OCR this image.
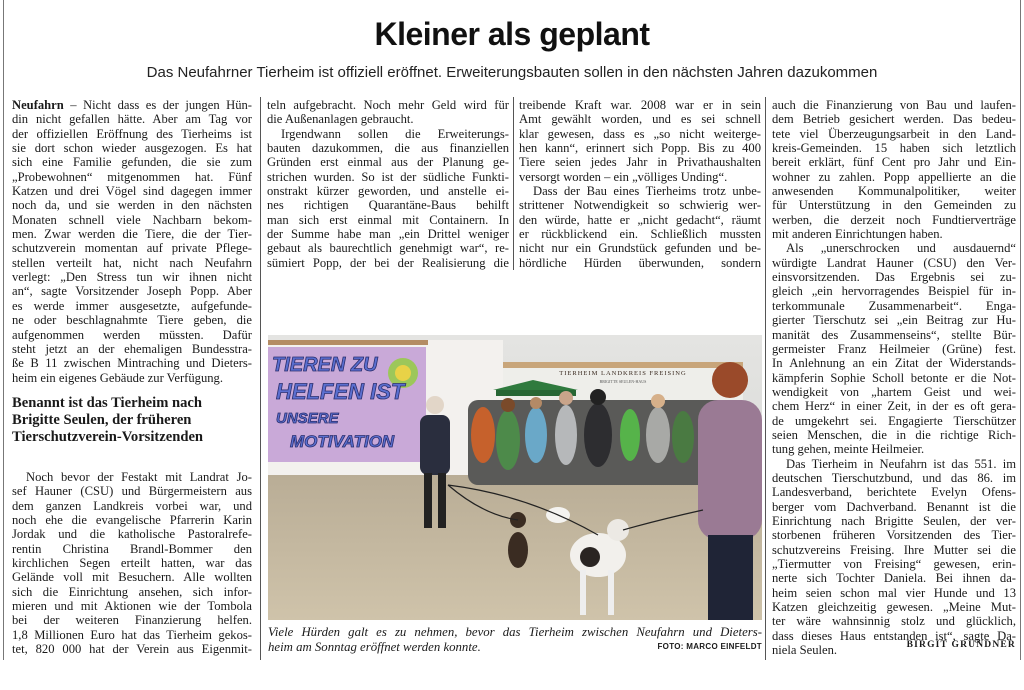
Kleiner als geplant
Das Neufahrner Tierheim ist offiziell eröffnet. Erweiterungsbauten sollen in den nächsten Jahren dazukommen
Neufahrn – Nicht dass es der jungen Hün-
din nicht gefallen hätte. Aber am Tag vor
der offiziellen Eröffnung des Tierheims ist
sie dort schon wieder ausgezogen. Es hat
sich eine Familie gefunden, die sie zum
„Probewohnen“ mitgenommen hat. Fünf
Katzen und drei Vögel sind dagegen immer
noch da, und sie werden in den nächsten
Monaten schnell viele Nachbarn bekom-
men. Zwar werden die Tiere, die der Tier-
schutzverein momentan auf private Pflege-
stellen verteilt hat, nicht nach Neufahrn
verlegt: „Den Stress tun wir ihnen nicht
an“, sagte Vorsitzender Joseph Popp. Aber
es werde immer ausgesetzte, aufgefunde-
ne oder beschlagnahmte Tiere geben, die
aufgenommen werden müssten. Dafür
steht jetzt an der ehemaligen Bundesstra-
ße B 11 zwischen Mintraching und Dieters-
heim ein eigenes Gebäude zur Verfügung.
Benannt ist das Tierheim nach
Brigitte Seulen, der früheren
Tierschutzverein-Vorsitzenden
Noch bevor der Festakt mit Landrat Jo-
sef Hauner (CSU) und Bürgermeistern aus
dem ganzen Landkreis vorbei war, und
noch ehe die evangelische Pfarrerin Karin
Jordak und die katholische Pastoralrefe-
rentin Christina Brandl-Bommer den
kirchlichen Segen erteilt hatten, war das
Gelände voll mit Besuchern. Alle wollten
sich die Einrichtung ansehen, sich infor-
mieren und mit Aktionen wie der Tombola
bei der weiteren Finanzierung helfen.
1,8 Millionen Euro hat das Tierheim gekos-
tet, 820 000 hat der Verein aus Eigenmit-
teln aufgebracht. Noch mehr Geld wird für
die Außenanlagen gebraucht.
Irgendwann sollen die Erweiterungs-
bauten dazukommen, die aus finanziellen
Gründen erst einmal aus der Planung ge-
strichen wurden. So ist der südliche Funkti-
onstrakt kürzer geworden, und anstelle ei-
nes richtigen Quarantäne-Baus behilft
man sich erst einmal mit Containern. In
der Summe habe man „ein Drittel weniger
gebaut als baurechtlich genehmigt war“, re-
sümiert Popp, der bei der Realisierung die
treibende Kraft war. 2008 war er in sein
Amt gewählt worden, und es sei schnell
klar gewesen, dass es „so nicht weiterge-
hen kann“, erinnert sich Popp. Bis zu 400
Tiere seien jedes Jahr in Privathaushalten
versorgt worden – ein „völliges Unding“.
Dass der Bau eines Tierheims trotz unbe-
strittener Notwendigkeit so schwierig wer-
den würde, hatte er „nicht gedacht“, räumt
er rückblickend ein. Schließlich mussten
nicht nur ein Grundstück gefunden und be-
hördliche Hürden überwunden, sondern
auch die Finanzierung von Bau und laufen-
dem Betrieb gesichert werden. Das bedeu-
tete viel Überzeugungsarbeit in den Land-
kreis-Gemeinden. 15 haben sich letztlich
bereit erklärt, fünf Cent pro Jahr und Ein-
wohner zu zahlen. Popp appellierte an die
anwesenden Kommunalpolitiker, weiter
für Unterstützung in den Gemeinden zu
werben, die derzeit noch Fundtierverträge
mit anderen Einrichtungen haben.
Als „unerschrocken und ausdauernd“
würdigte Landrat Hauner (CSU) den Ver-
einsvorsitzenden. Das Ergebnis sei zu-
gleich „ein hervorragendes Beispiel für in-
terkommunale Zusammenarbeit“. Enga-
gierter Tierschutz sei „ein Beitrag zur Hu-
manität des Zusammenseins“, stellte Bür-
germeister Franz Heilmeier (Grüne) fest.
In Anlehnung an ein Zitat der Widerstands-
kämpferin Sophie Scholl betonte er die Not-
wendigkeit von „hartem Geist und wei-
chem Herz“ in einer Zeit, in der es oft gera-
de umgekehrt sei. Engagierte Tierschützer
seien Menschen, die in die richtige Rich-
tung gehen, meinte Heilmeier.
Das Tierheim in Neufahrn ist das 551. im
deutschen Tierschutzbund, und das 86. im
Landesverband, berichtete Evelyn Ofens-
berger vom Dachverband. Benannt ist die
Einrichtung nach Brigitte Seulen, der ver-
storbenen früheren Vorsitzenden des Tier-
schutzvereins Freising. Ihre Mutter sei die
„Tiermutter von Freising“ gewesen, erin-
nerte sich Tochter Daniela. Bei ihnen da-
heim seien schon mal vier Hunde und 13
Katzen gleichzeitig gewesen. „Meine Mut-
ter wäre wahnsinnig stolz und glücklich,
dass dieses Haus entstanden ist“, sagte Da-
niela Seulen.
TIERHEIM LANDKREIS FREISING
BRIGITTE SEULEN-HAUS
TIEREN ZU
HELFEN IST
UNSERE
MOTIVATION
Viele Hürden galt es zu nehmen, bevor das Tierheim zwischen Neufahrn und Dieters-
heim am Sonntag eröffnet werden konnte.	FOTO: MARCO EINFELDT	BIRGIT GRUNDNER
